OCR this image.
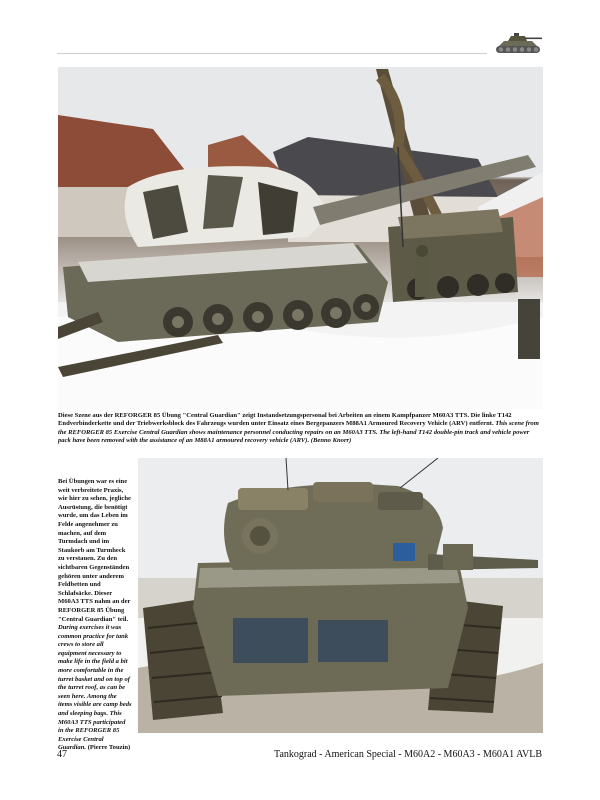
Diese Szene aus der REFORGER 85 Übung "Central Guardian" zeigt Instandsetzungspersonal bei Arbeiten an einem Kampfpanzer M60A3 TTS. Die linke T142 Endverbinderkette und der Triebwerksblock des Fahrzeugs wurden unter Einsatz eines Bergepanzers M88A1 Armoured Recovery Vehicle (ARV) entfernt. This scene from the REFORGER 85 Exercise Central Guardian shows maintenance personnel conducting repairs on an M60A3 TTS. The left-hand T142 double-pin track and vehicle power pack have been removed with the assistance of an M88A1 armoured recovery vehicle (ARV). (Benno Knorr)
Bei Übungen war es eine weit verbreitete Praxis, wie hier zu sehen, jegliche Ausrüstung, die benötigt wurde, um das Leben im Felde angenehmer zu machen, auf dem Turmdach und im Staukorb am Turmheck zu verstauen. Zu den sichtbaren Gegenständen gehören unter anderem Feldbetten und Schlafsäcke. Dieser M60A3 TTS nahm an der REFORGER 85 Übung "Central Guardian" teil. During exercises it was common practice for tank crews to store all equipment necessary to make life in the field a bit more comfortable in the turret basket and on top of the turret roof, as can be seen here. Among the items visible are camp beds and sleeping bags. This M60A3 TTS participated in the REFORGER 85 Exercise Central Guardian. (Pierre Touzin)
47	Tankograd - American Special - M60A2 - M60A3 - M60A1 AVLB
